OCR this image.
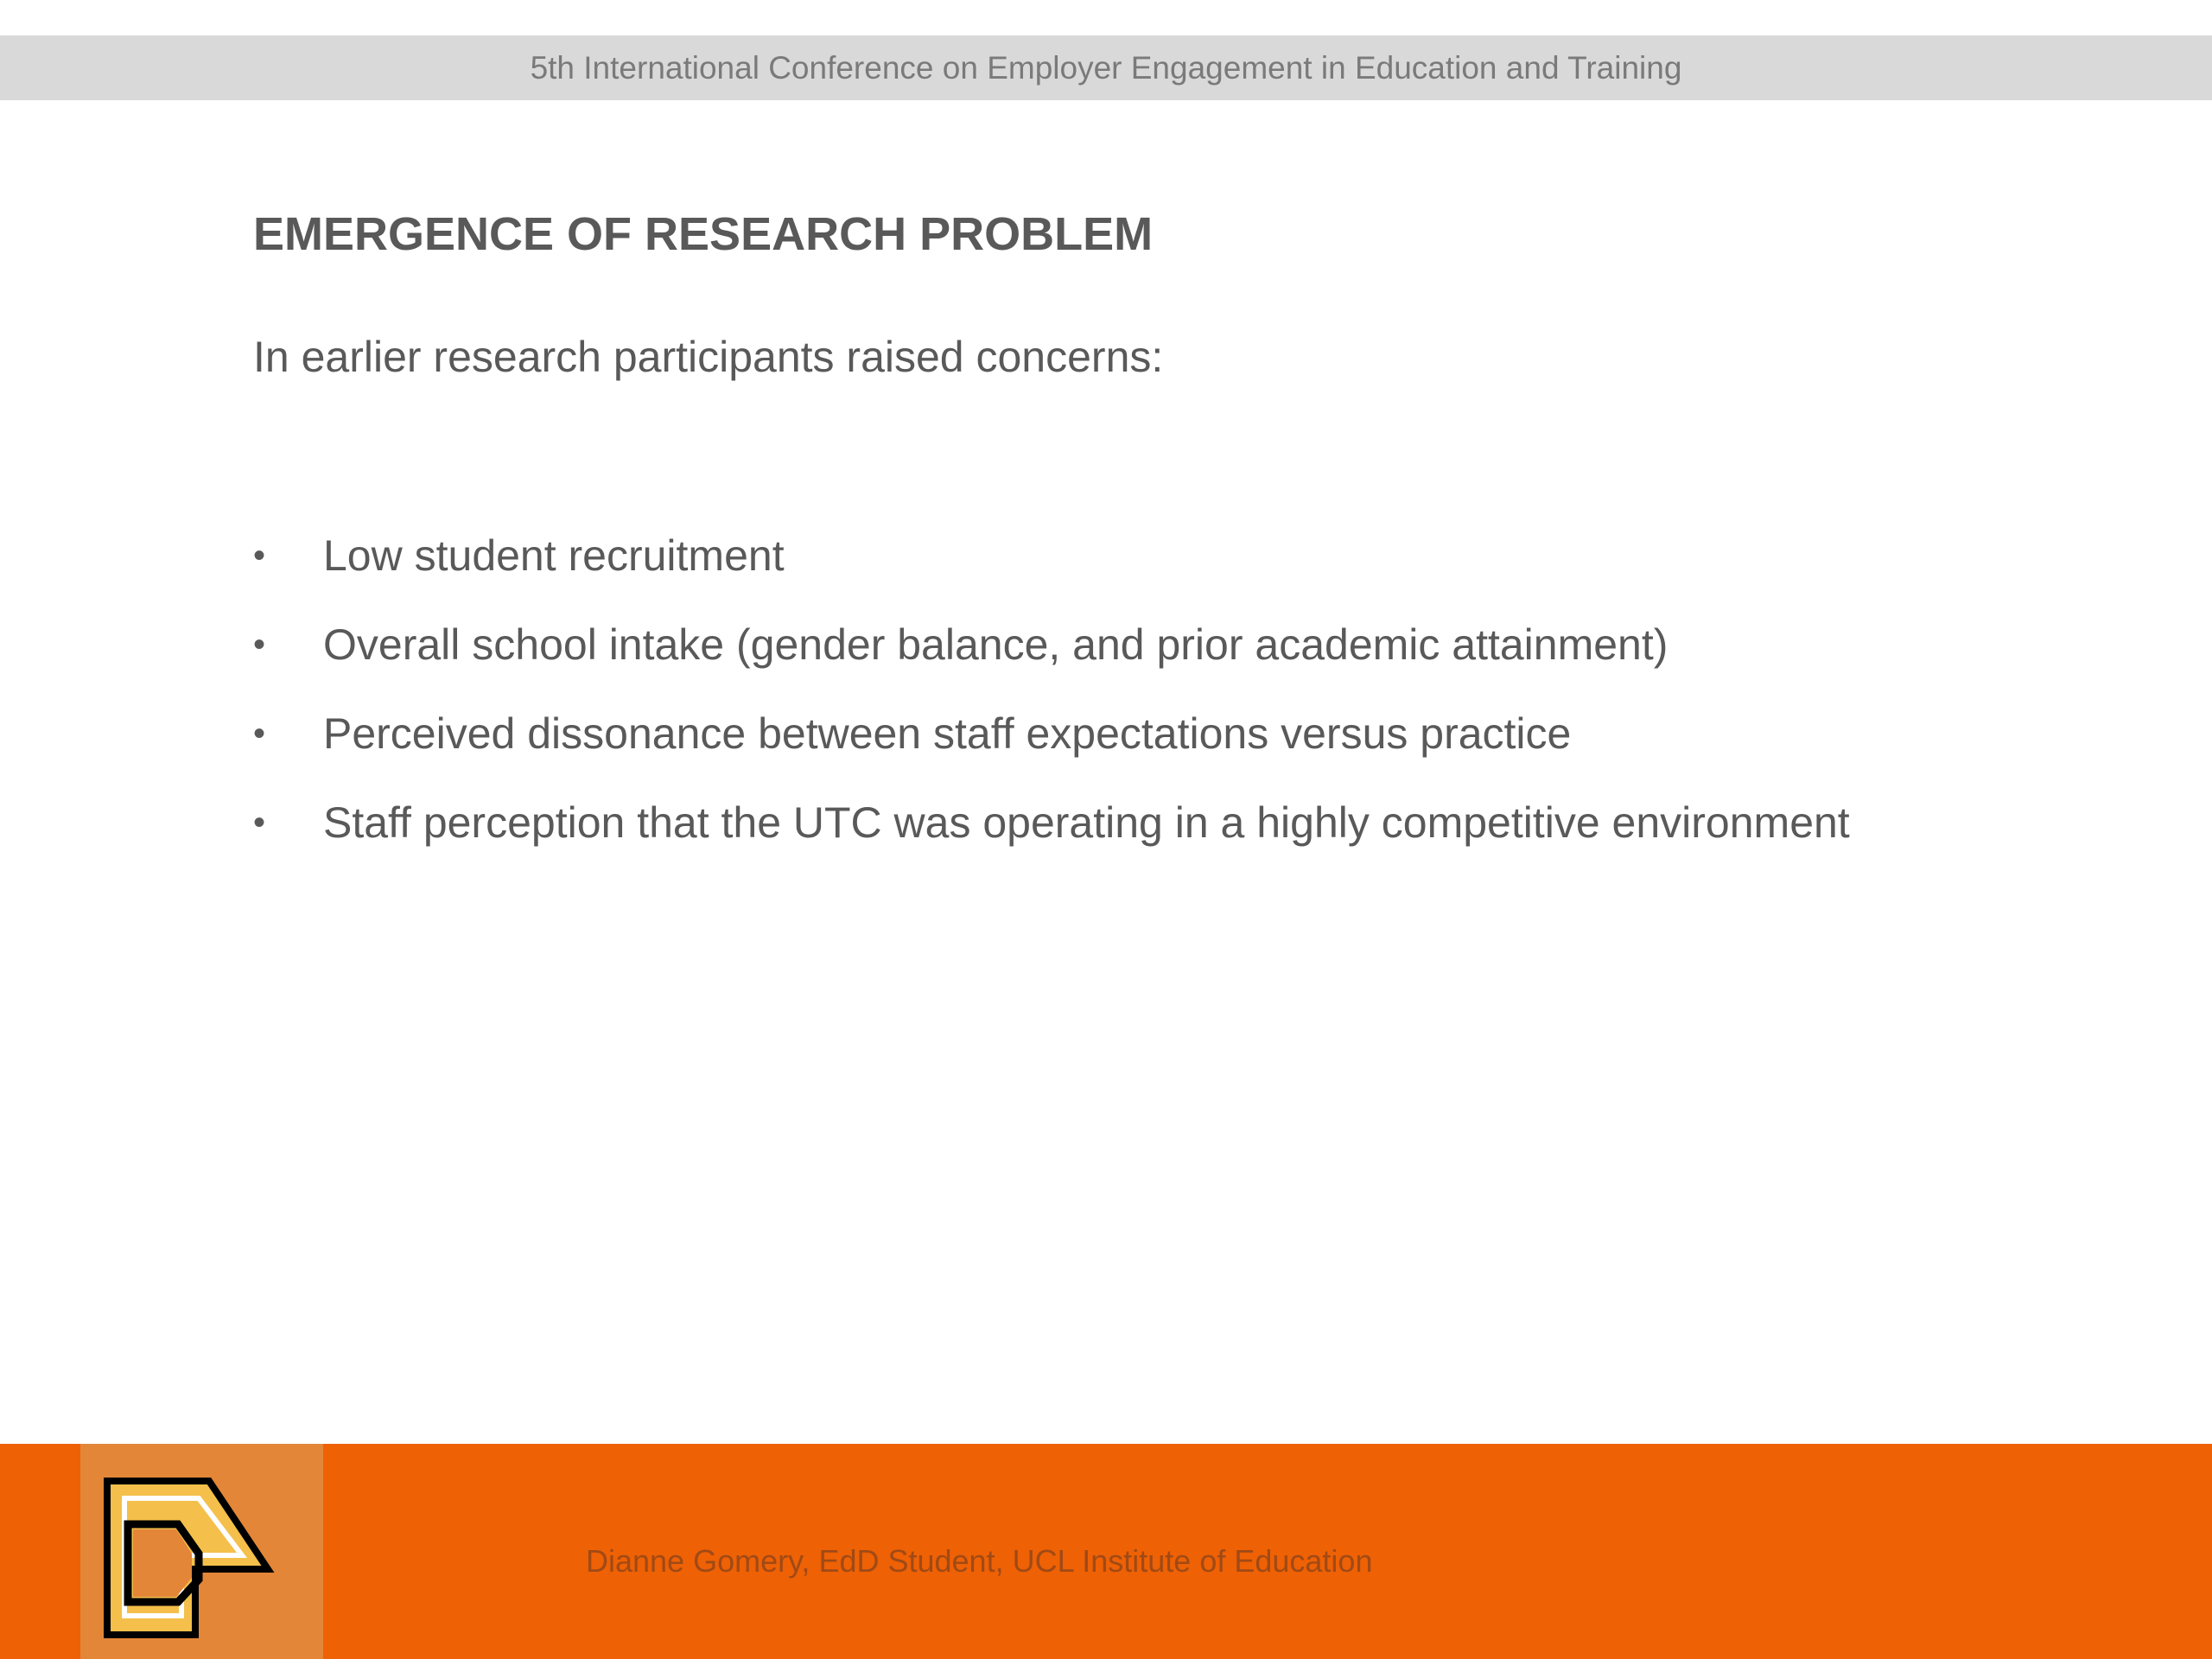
5th International Conference on Employer Engagement in Education and Training
EMERGENCE OF RESEARCH PROBLEM
In earlier research participants raised concerns:
•	Low student recruitment
•	Overall school intake (gender balance, and prior academic attainment)
•	Perceived dissonance between staff expectations versus practice
•	Staff perception that the UTC was operating in a highly competitive environment
Dianne Gomery, EdD Student, UCL Institute of Education
